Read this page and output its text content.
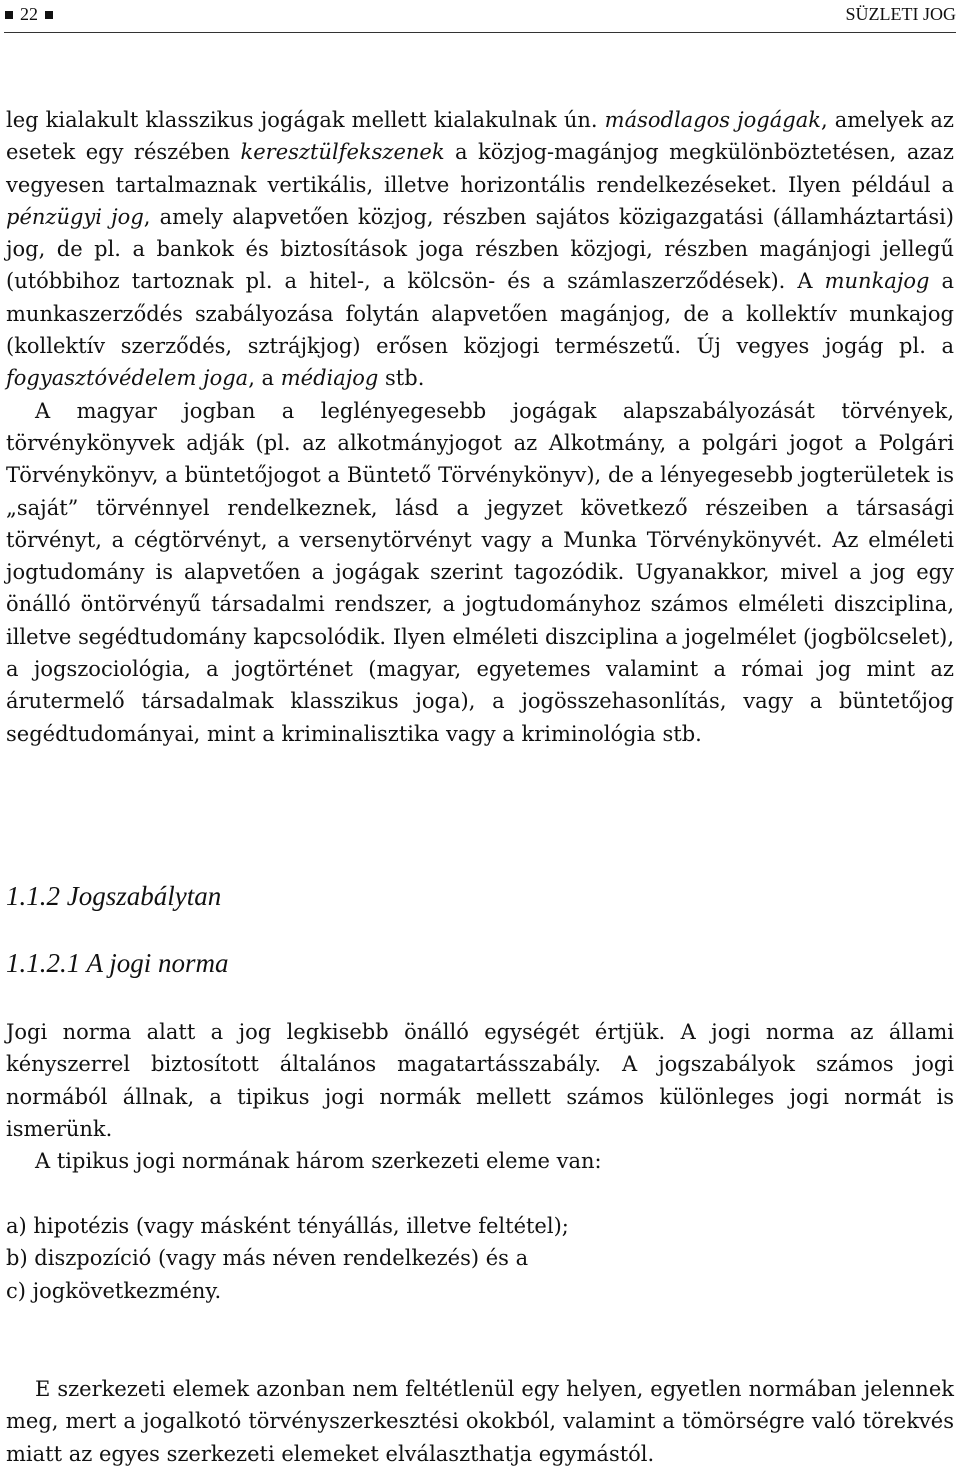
22	SÜZLETI JOG

leg kialakult klasszikus jogágak mellett kialakulnak ún. másodlagos jogágak, amelyek az esetek egy részében keresztülfekszenek a közjog-magánjog megkülönböztetésen, azaz vegyesen tartalmaznak vertikális, illetve horizontális rendelkezéseket. Ilyen például a pénzügyi jog, amely alapvetően közjog, részben sajátos közigazgatási (államháztartási) jog, de pl. a bankok és biztosítások joga részben közjogi, részben magánjogi jellegű (utóbbihoz tartoznak pl. a hitel-, a kölcsön- és a számlaszerződések). A munkajog a munkaszerződés szabályozása folytán alapvetően magánjog, de a kollektív munkajog (kollektív szerződés, sztrájkjog) erősen közjogi természetű. Új vegyes jogág pl. a fogyasztóvédelem joga, a médiajog stb.

A magyar jogban a leglényegesebb jogágak alapszabályozását törvények, törvénykönyvek adják (pl. az alkotmányjogot az Alkotmány, a polgári jogot a Polgári Törvénykönyv, a büntetőjogot a Büntető Törvénykönyv), de a lényegesebb jogterületek is „saját” törvénnyel rendelkeznek, lásd a jegyzet következő részeiben a társasági törvényt, a cégtörvényt, a versenytörvényt vagy a Munka Törvénykönyvét. Az elméleti jogtudomány is alapvetően a jogágak szerint tagozódik. Ugyanakkor, mivel a jog egy önálló öntörvényű társadalmi rendszer, a jogtudományhoz számos elméleti diszciplina, illetve segédtudomány kapcsolódik. Ilyen elméleti diszciplina a jogelmélet (jogbölcselet), a jogszociológia, a jogtörténet (magyar, egyetemes valamint a római jog mint az árutermelő társadalmak klasszikus joga), a jogösszehasonlítás, vagy a büntetőjog segédtudományai, mint a kriminalisztika vagy a kriminológia stb.

1.1.2 Jogszabálytan
1.1.2.1 A jogi norma

Jogi norma alatt a jog legkisebb önálló egységét értjük. A jogi norma az állami kényszerrel biztosított általános magatartásszabály. A jogszabályok számos jogi normából állnak, a tipikus jogi normák mellett számos különleges jogi normát is ismerünk.

A tipikus jogi normának három szerkezeti eleme van:

a) hipotézis (vagy másként tényállás, illetve feltétel);
b) diszpozíció (vagy más néven rendelkezés) és a
c) jogkövetkezmény.

E szerkezeti elemek azonban nem feltétlenül egy helyen, egyetlen normában jelennek meg, mert a jogalkotó törvényszerkesztési okokból, valamint a tömörségre való törekvés miatt az egyes szerkezeti elemeket elválaszthatja egymástól.
